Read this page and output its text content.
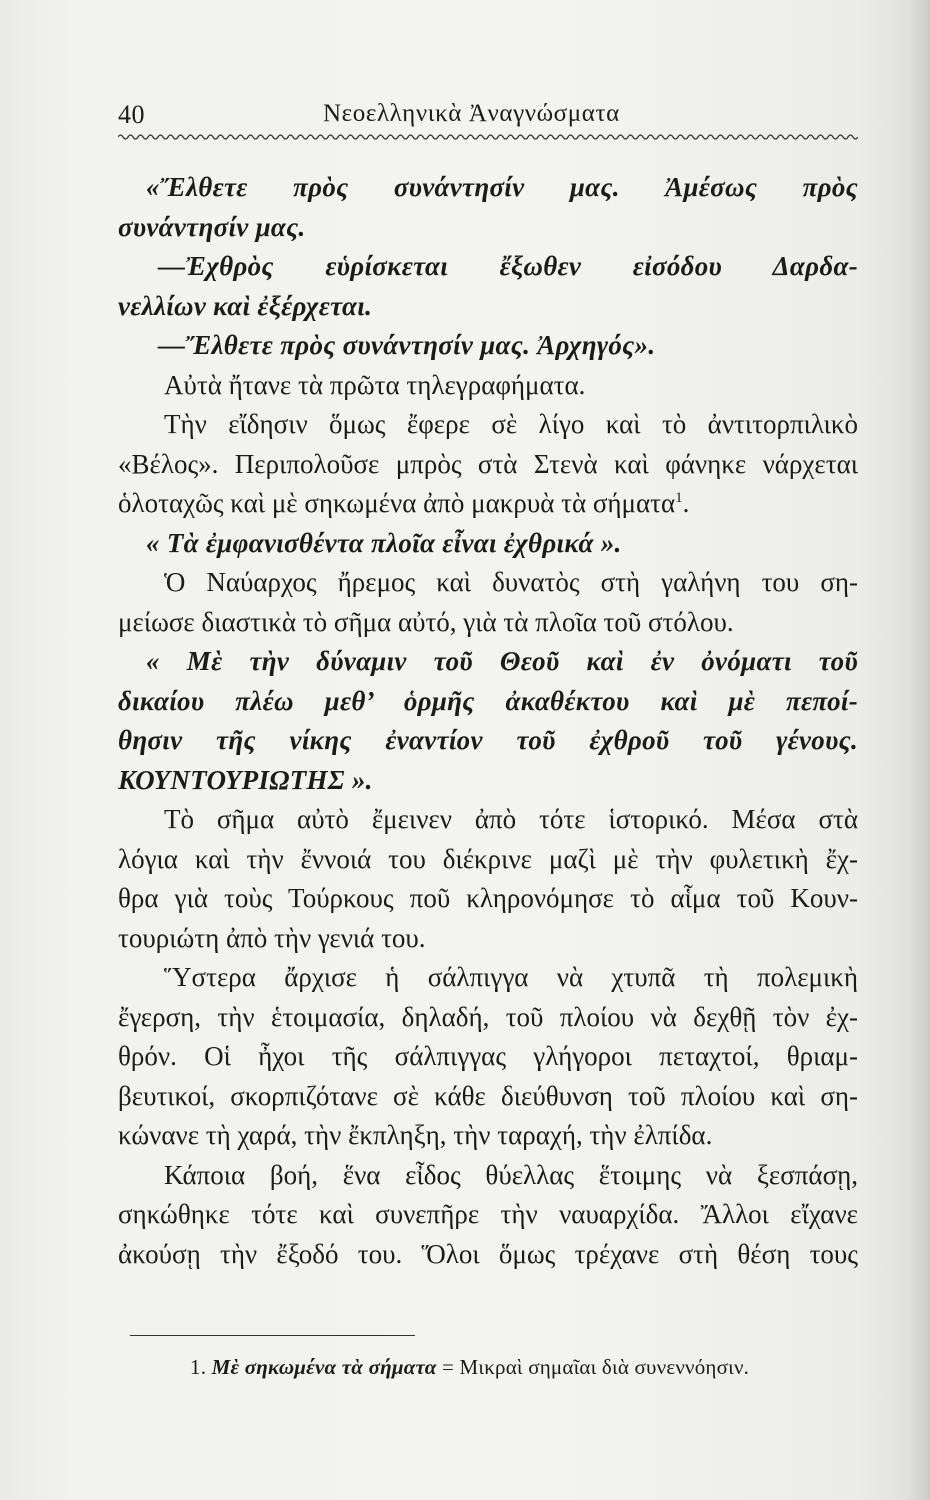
40	Νεοελληνικὰ Ἀναγνώσματα
«Ἔλθετε πρὸς συνάντησίν μας. Ἀμέσως πρὸς
συνάντησίν μας.
—Ἐχθρὸς εὑρίσκεται ἔξωθεν εἰσόδου Δαρδα-
νελλίων καὶ ἐξέρχεται.
—Ἔλθετε πρὸς συνάντησίν μας. Ἀρχηγός».
Αὐτὰ ἤτανε τὰ πρῶτα τηλεγραφήματα.
Τὴν εἴδησιν ὅμως ἔφερε σὲ λίγο καὶ τὸ ἀντιτορπιλικὸ
«Βέλος». Περιπολοῦσε μπρὸς στὰ Στενὰ καὶ φάνηκε νάρχεται
ὁλοταχῶς καὶ μὲ σηκωμένα ἀπὸ μακρυὰ τὰ σήματα$^1$.
« Τὰ ἐμφανισθέντα πλοῖα εἶναι ἐχθρικά ».
Ὁ Ναύαρχος ἤρεμος καὶ δυνατὸς στὴ γαλήνη του ση-
μείωσε διαστικὰ τὸ σῆμα αὐτό, γιὰ τὰ πλοῖα τοῦ στόλου.
« Μὲ τὴν δύναμιν τοῦ Θεοῦ καὶ ἐν ὀνόματι τοῦ
δικαίου πλέω μεθ’ ὁρμῆς ἀκαθέκτου καὶ μὲ πεποί-
θησιν τῆς νίκης ἐναντίον τοῦ ἐχθροῦ τοῦ γένους.
ΚΟΥΝΤΟΥΡΙΩΤΗΣ ».
Τὸ σῆμα αὐτὸ ἔμεινεν ἀπὸ τότε ἱστορικό. Μέσα στὰ
λόγια καὶ τὴν ἔννοιά του διέκρινε μαζὶ μὲ τὴν φυλετικὴ ἔχ-
θρα γιὰ τοὺς Τούρκους ποῦ κληρονόμησε τὸ αἷμα τοῦ Κουν-
τουριώτη ἀπὸ τὴν γενιά του.
Ὕστερα ἄρχισε ἡ σάλπιγγα νὰ χτυπᾶ τὴ πολεμικὴ
ἔγερση, τὴν ἑτοιμασία, δηλαδή, τοῦ πλοίου νὰ δεχθῇ τὸν ἐχ-
θρόν. Οἱ ἦχοι τῆς σάλπιγγας γλήγοροι πεταχτοί, θριαμ-
βευτικοί, σκορπιζότανε σὲ κάθε διεύθυνση τοῦ πλοίου καὶ ση-
κώνανε τὴ χαρά, τὴν ἔκπληξη, τὴν ταραχή, τὴν ἐλπίδα.
Κάποια βοή, ἕνα εἶδος θύελλας ἕτοιμης νὰ ξεσπάσῃ,
σηκώθηκε τότε καὶ συνεπῆρε τὴν ναυαρχίδα. Ἄλλοι εἴχανε
ἀκούσῃ τὴν ἔξοδό του. Ὅλοι ὅμως τρέχανε στὴ θέση τους
1. Μὲ σηκωμένα τὰ σήματα = Μικραὶ σημαῖαι διὰ συνεννόησιν.
